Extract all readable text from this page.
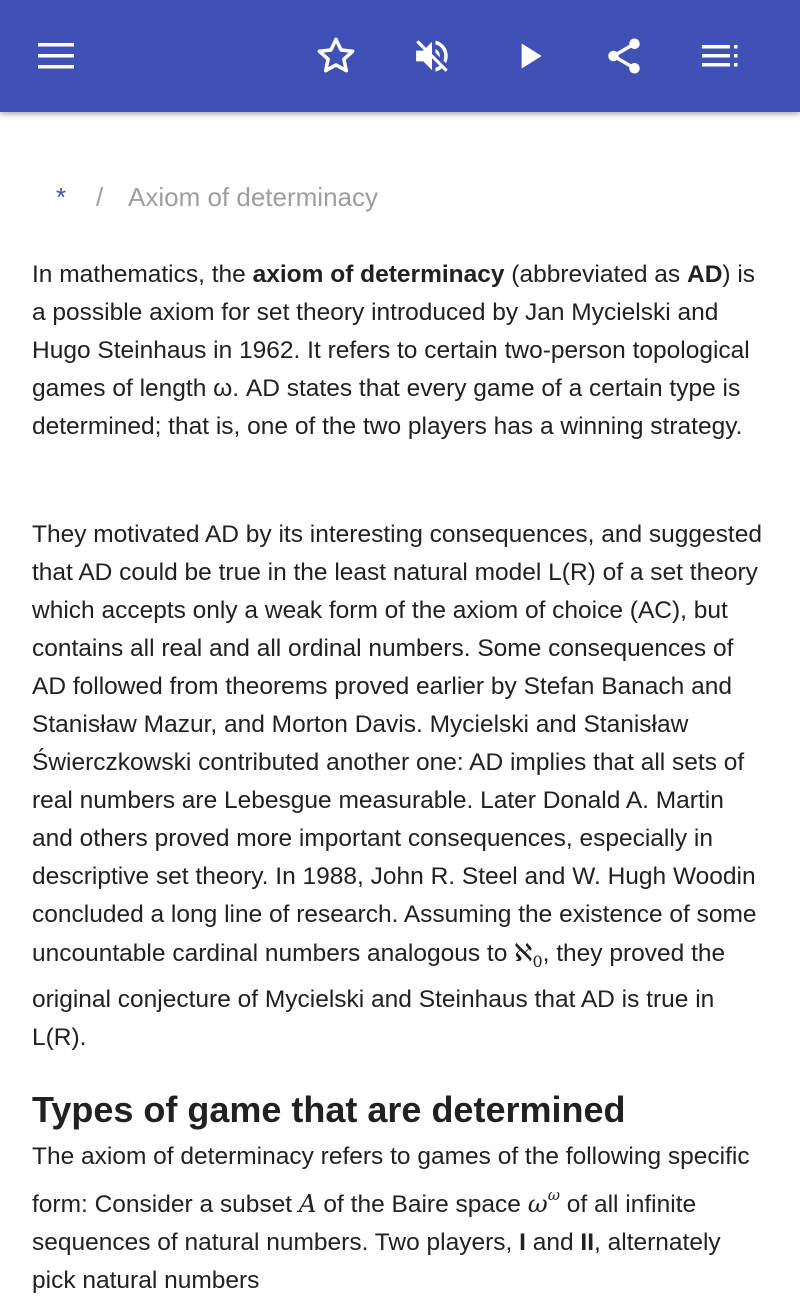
* / Axiom of determinacy

In mathematics, the axiom of determinacy (abbreviated as AD) is a possible axiom for set theory introduced by Jan Mycielski and Hugo Steinhaus in 1962. It refers to certain two-person topological games of length ω. AD states that every game of a certain type is determined; that is, one of the two players has a winning strategy.

They motivated AD by its interesting consequences, and suggested that AD could be true in the least natural model L(R) of a set theory which accepts only a weak form of the axiom of choice (AC), but contains all real and all ordinal numbers. Some consequences of AD followed from theorems proved earlier by Stefan Banach and Stanisław Mazur, and Morton Davis. Mycielski and Stanisław Świerczkowski contributed another one: AD implies that all sets of real numbers are Lebesgue measurable. Later Donald A. Martin and others proved more important consequences, especially in descriptive set theory. In 1988, John R. Steel and W. Hugh Woodin concluded a long line of research. Assuming the existence of some uncountable cardinal numbers analogous to ℵ$_0$, they proved the original conjecture of Mycielski and Steinhaus that AD is true in L(R).

Types of game that are determined

The axiom of determinacy refers to games of the following specific form: Consider a subset A of the Baire space $\omega^\omega$ of all infinite sequences of natural numbers. Two players, I and II, alternately pick natural numbers
